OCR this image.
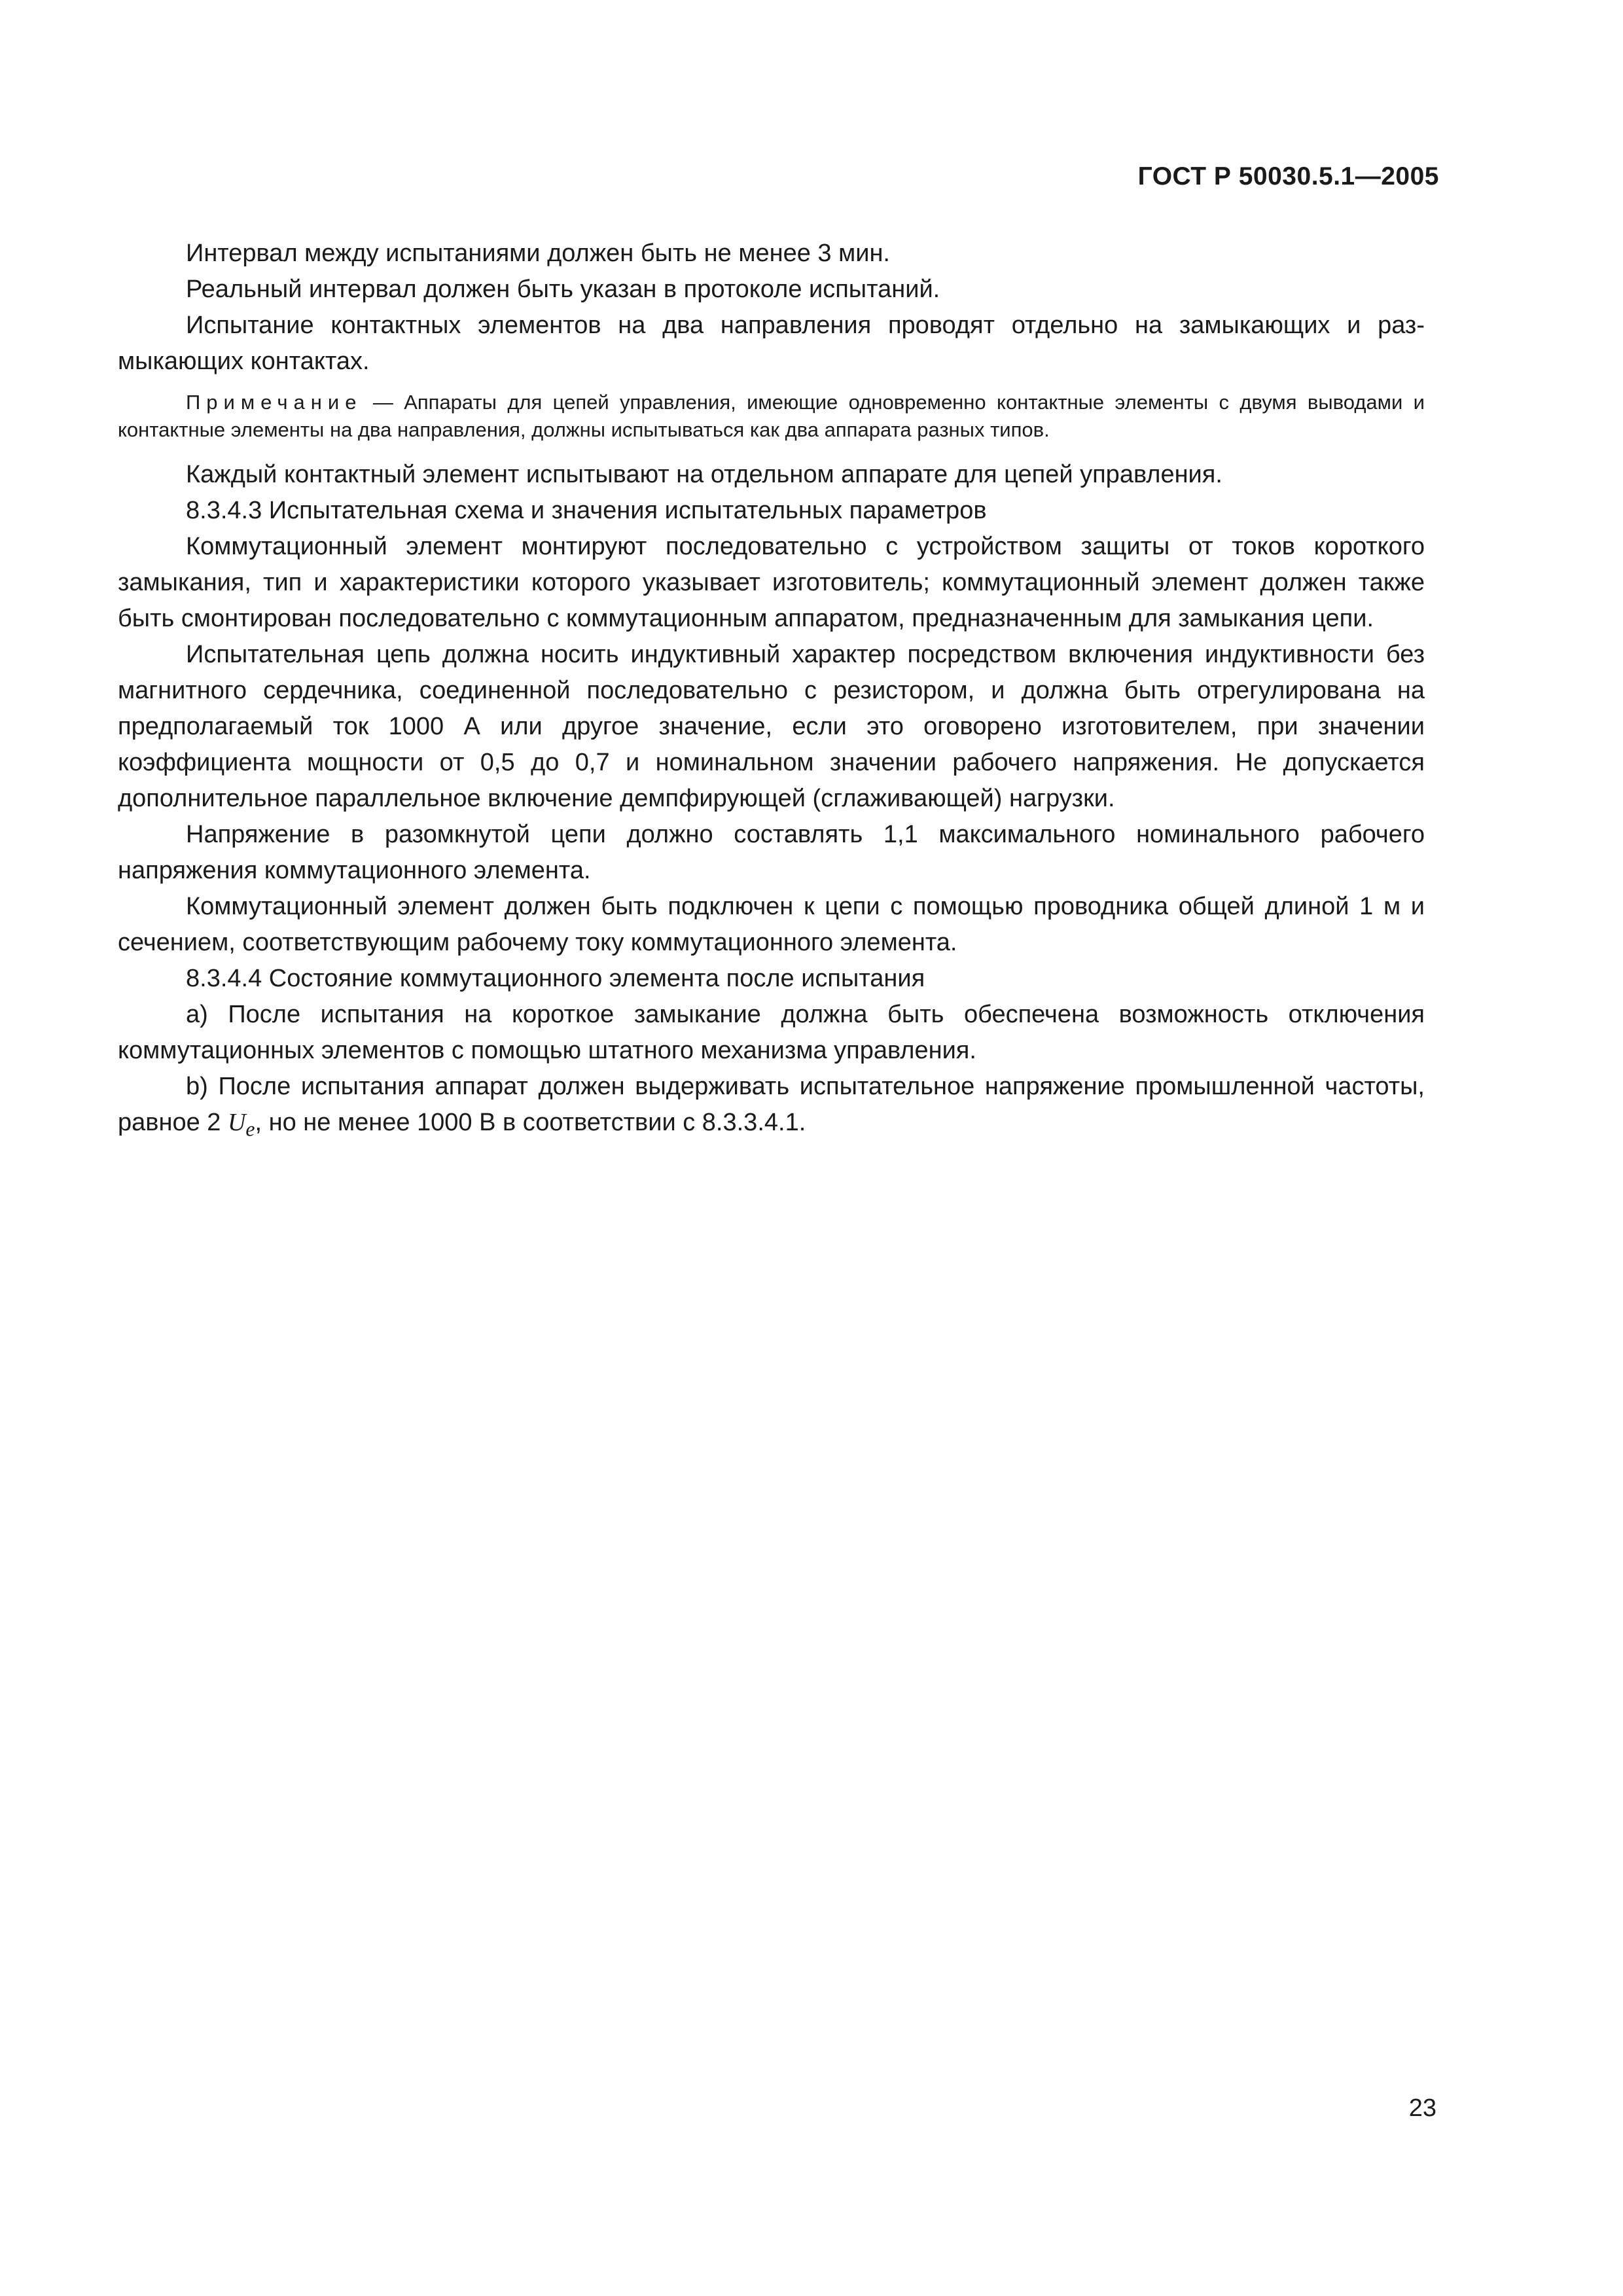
ГОСТ Р 50030.5.1—2005

Интервал между испытаниями должен быть не менее 3 мин.

Реальный интервал должен быть указан в протоколе испытаний.

Испытание контактных элементов на два направления проводят отдельно на замыкающих и размыкающих контактах.

Примечание — Аппараты для цепей управления, имеющие одновременно контактные элементы с двумя выводами и контактные элементы на два направления, должны испытываться как два аппарата разных типов.

Каждый контактный элемент испытывают на отдельном аппарате для цепей управления.

8.3.4.3 Испытательная схема и значения испытательных параметров

Коммутационный элемент монтируют последовательно с устройством защиты от токов короткого замыкания, тип и характеристики которого указывает изготовитель; коммутационный элемент должен также быть смонтирован последовательно с коммутационным аппаратом, предназначенным для замыкания цепи.

Испытательная цепь должна носить индуктивный характер посредством включения индуктивности без магнитного сердечника, соединенной последовательно с резистором, и должна быть отрегулирована на предполагаемый ток 1000 А или другое значение, если это оговорено изготовителем, при значении коэффициента мощности от 0,5 до 0,7 и номинальном значении рабочего напряжения. Не допускается дополнительное параллельное включение демпфирующей (сглаживающей) нагрузки.

Напряжение в разомкнутой цепи должно составлять 1,1 максимального номинального рабочего напряжения коммутационного элемента.

Коммутационный элемент должен быть подключен к цепи с помощью проводника общей длиной 1 м и сечением, соответствующим рабочему току коммутационного элемента.

8.3.4.4 Состояние коммутационного элемента после испытания

a) После испытания на короткое замыкание должна быть обеспечена возможность отключения коммутационных элементов с помощью штатного механизма управления.

b) После испытания аппарат должен выдерживать испытательное напряжение промышленной частоты, равное 2 $U_e$, но не менее 1000 В в соответствии с 8.3.3.4.1.

23
